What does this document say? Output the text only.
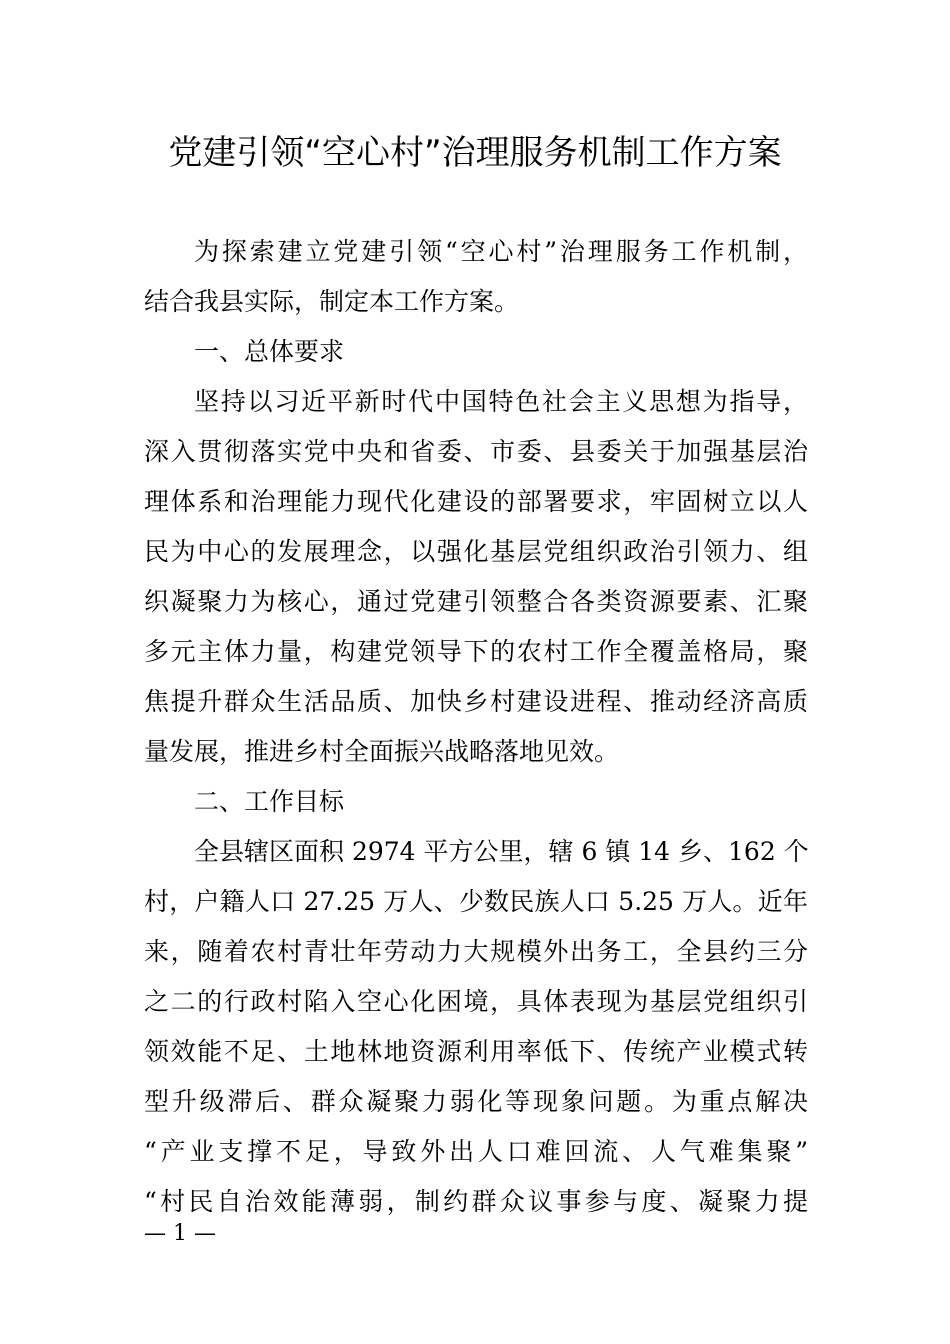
党建引领“空心村”治理服务机制工作方案
为探索建立党建引领“空心村”治理服务工作机制，
结合我县实际，制定本工作方案。
一、总体要求
坚持以习近平新时代中国特色社会主义思想为指导，
深入贯彻落实党中央和省委、市委、县委关于加强基层治
理体系和治理能力现代化建设的部署要求，牢固树立以人
民为中心的发展理念，以强化基层党组织政治引领力、组
织凝聚力为核心，通过党建引领整合各类资源要素、汇聚
多元主体力量，构建党领导下的农村工作全覆盖格局，聚
焦提升群众生活品质、加快乡村建设进程、推动经济高质
量发展，推进乡村全面振兴战略落地见效。
二、工作目标
全县辖区面积 2974 平方公里，辖 6 镇 14 乡、162 个
村，户籍人口 27.25 万人、少数民族人口 5.25 万人。近年
来，随着农村青壮年劳动力大规模外出务工，全县约三分
之二的行政村陷入空心化困境，具体表现为基层党组织引
领效能不足、土地林地资源利用率低下、传统产业模式转
型升级滞后、群众凝聚力弱化等现象问题。为重点解决
“产业支撑不足，导致外出人口难回流、人气难集聚”
“村民自治效能薄弱，制约群众议事参与度、凝聚力提
— 1 —
